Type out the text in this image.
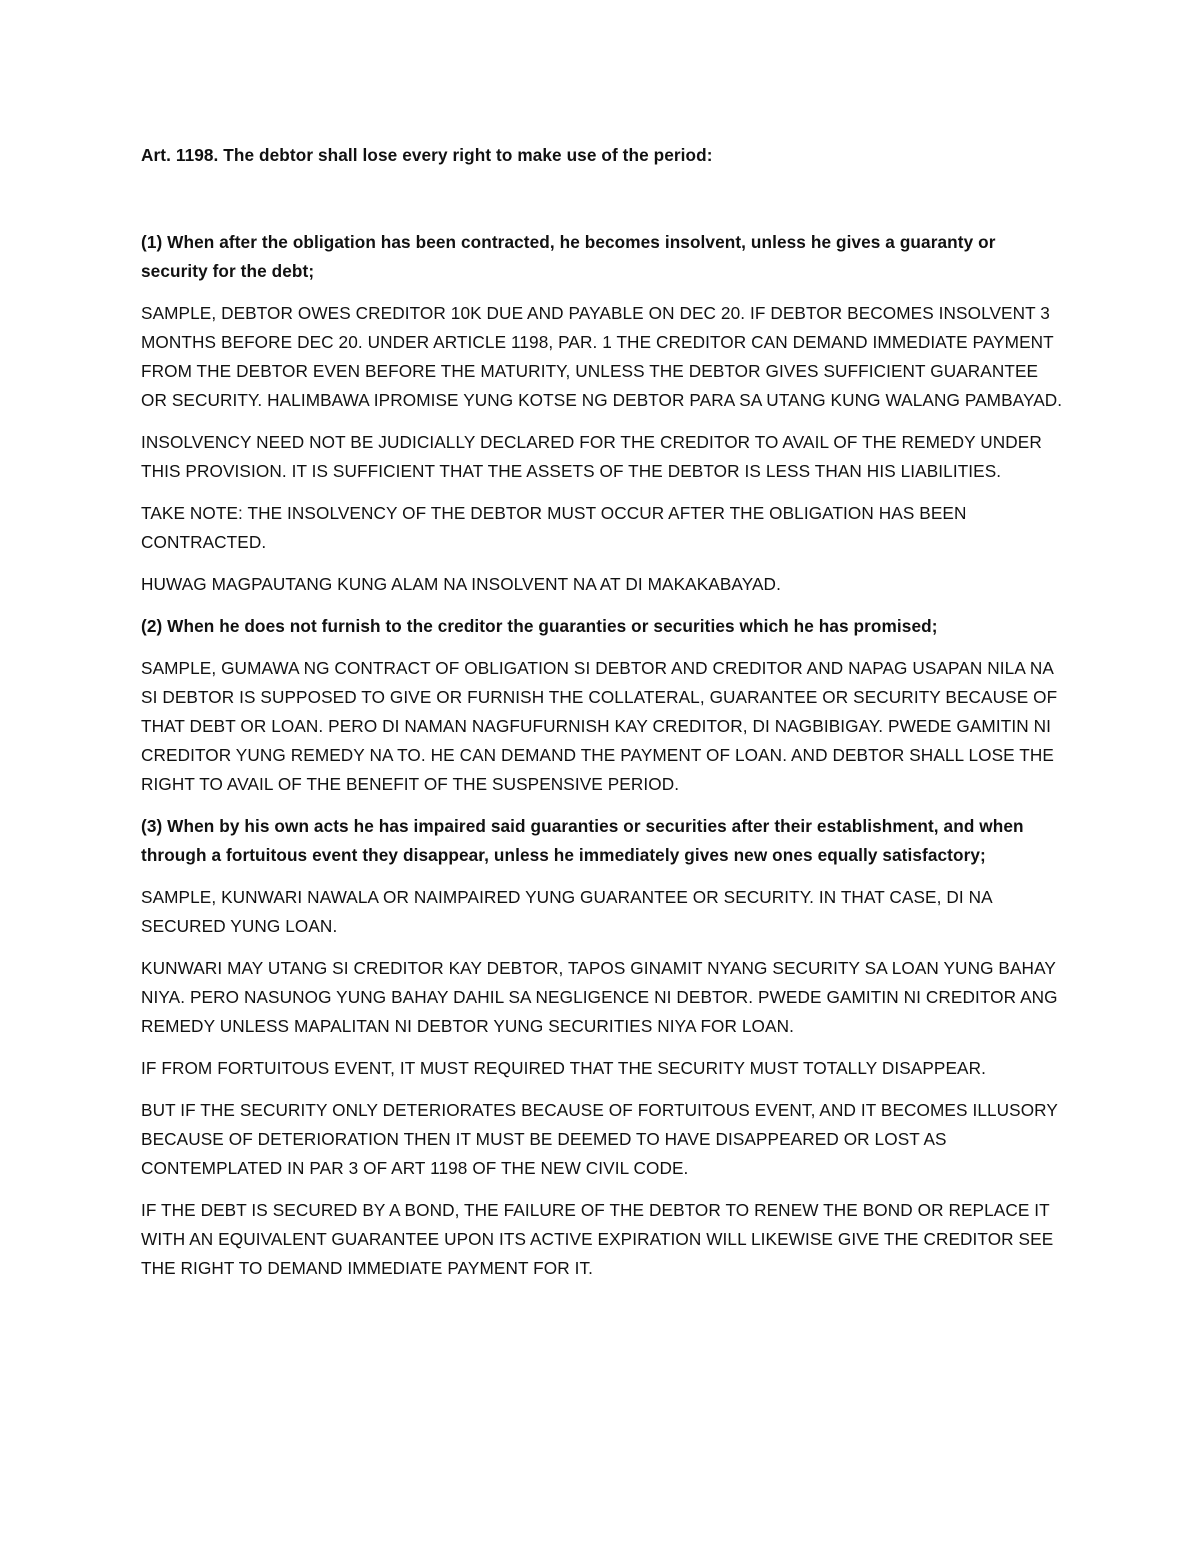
Art. 1198. The debtor shall lose every right to make use of the period:

(1) When after the obligation has been contracted, he becomes insolvent, unless he gives a guaranty or security for the debt;

SAMPLE, DEBTOR OWES CREDITOR 10K DUE AND PAYABLE ON DEC 20. IF DEBTOR BECOMES INSOLVENT 3 MONTHS BEFORE DEC 20. UNDER ARTICLE 1198, PAR. 1 THE CREDITOR CAN DEMAND IMMEDIATE PAYMENT FROM THE DEBTOR EVEN BEFORE THE MATURITY, UNLESS THE DEBTOR GIVES SUFFICIENT GUARANTEE OR SECURITY. HALIMBAWA IPROMISE YUNG KOTSE NG DEBTOR PARA SA UTANG KUNG WALANG PAMBAYAD.

INSOLVENCY NEED NOT BE JUDICIALLY DECLARED FOR THE CREDITOR TO AVAIL OF THE REMEDY UNDER THIS PROVISION. IT IS SUFFICIENT THAT THE ASSETS OF THE DEBTOR IS LESS THAN HIS LIABILITIES.

TAKE NOTE: THE INSOLVENCY OF THE DEBTOR MUST OCCUR AFTER THE OBLIGATION HAS BEEN CONTRACTED.

HUWAG MAGPAUTANG KUNG ALAM NA INSOLVENT NA AT DI MAKAKABAYAD.

(2) When he does not furnish to the creditor the guaranties or securities which he has promised;

SAMPLE, GUMAWA NG CONTRACT OF OBLIGATION SI DEBTOR AND CREDITOR AND NAPAG USAPAN NILA NA SI DEBTOR IS SUPPOSED TO GIVE OR FURNISH THE COLLATERAL, GUARANTEE OR SECURITY BECAUSE OF THAT DEBT OR LOAN. PERO DI NAMAN NAGFUFURNISH KAY CREDITOR, DI NAGBIBIGAY. PWEDE GAMITIN NI CREDITOR YUNG REMEDY NA TO. HE CAN DEMAND THE PAYMENT OF LOAN. AND DEBTOR SHALL LOSE THE RIGHT TO AVAIL OF THE BENEFIT OF THE SUSPENSIVE PERIOD.

(3) When by his own acts he has impaired said guaranties or securities after their establishment, and when through a fortuitous event they disappear, unless he immediately gives new ones equally satisfactory;

SAMPLE, KUNWARI NAWALA OR NAIMPAIRED YUNG GUARANTEE OR SECURITY. IN THAT CASE, DI NA SECURED YUNG LOAN.

KUNWARI MAY UTANG SI CREDITOR KAY DEBTOR, TAPOS GINAMIT NYANG SECURITY SA LOAN YUNG BAHAY NIYA. PERO NASUNOG YUNG BAHAY DAHIL SA NEGLIGENCE NI DEBTOR. PWEDE GAMITIN NI CREDITOR ANG REMEDY UNLESS MAPALITAN NI DEBTOR YUNG SECURITIES NIYA FOR LOAN.

IF FROM FORTUITOUS EVENT, IT MUST REQUIRED THAT THE SECURITY MUST TOTALLY DISAPPEAR.

BUT IF THE SECURITY ONLY DETERIORATES BECAUSE OF FORTUITOUS EVENT, AND IT BECOMES ILLUSORY BECAUSE OF DETERIORATION THEN IT MUST BE DEEMED TO HAVE DISAPPEARED OR LOST AS CONTEMPLATED IN PAR 3 OF ART 1198 OF THE NEW CIVIL CODE.

IF THE DEBT IS SECURED BY A BOND, THE FAILURE OF THE DEBTOR TO RENEW THE BOND OR REPLACE IT WITH AN EQUIVALENT GUARANTEE UPON ITS ACTIVE EXPIRATION WILL LIKEWISE GIVE THE CREDITOR SEE THE RIGHT TO DEMAND IMMEDIATE PAYMENT FOR IT.
